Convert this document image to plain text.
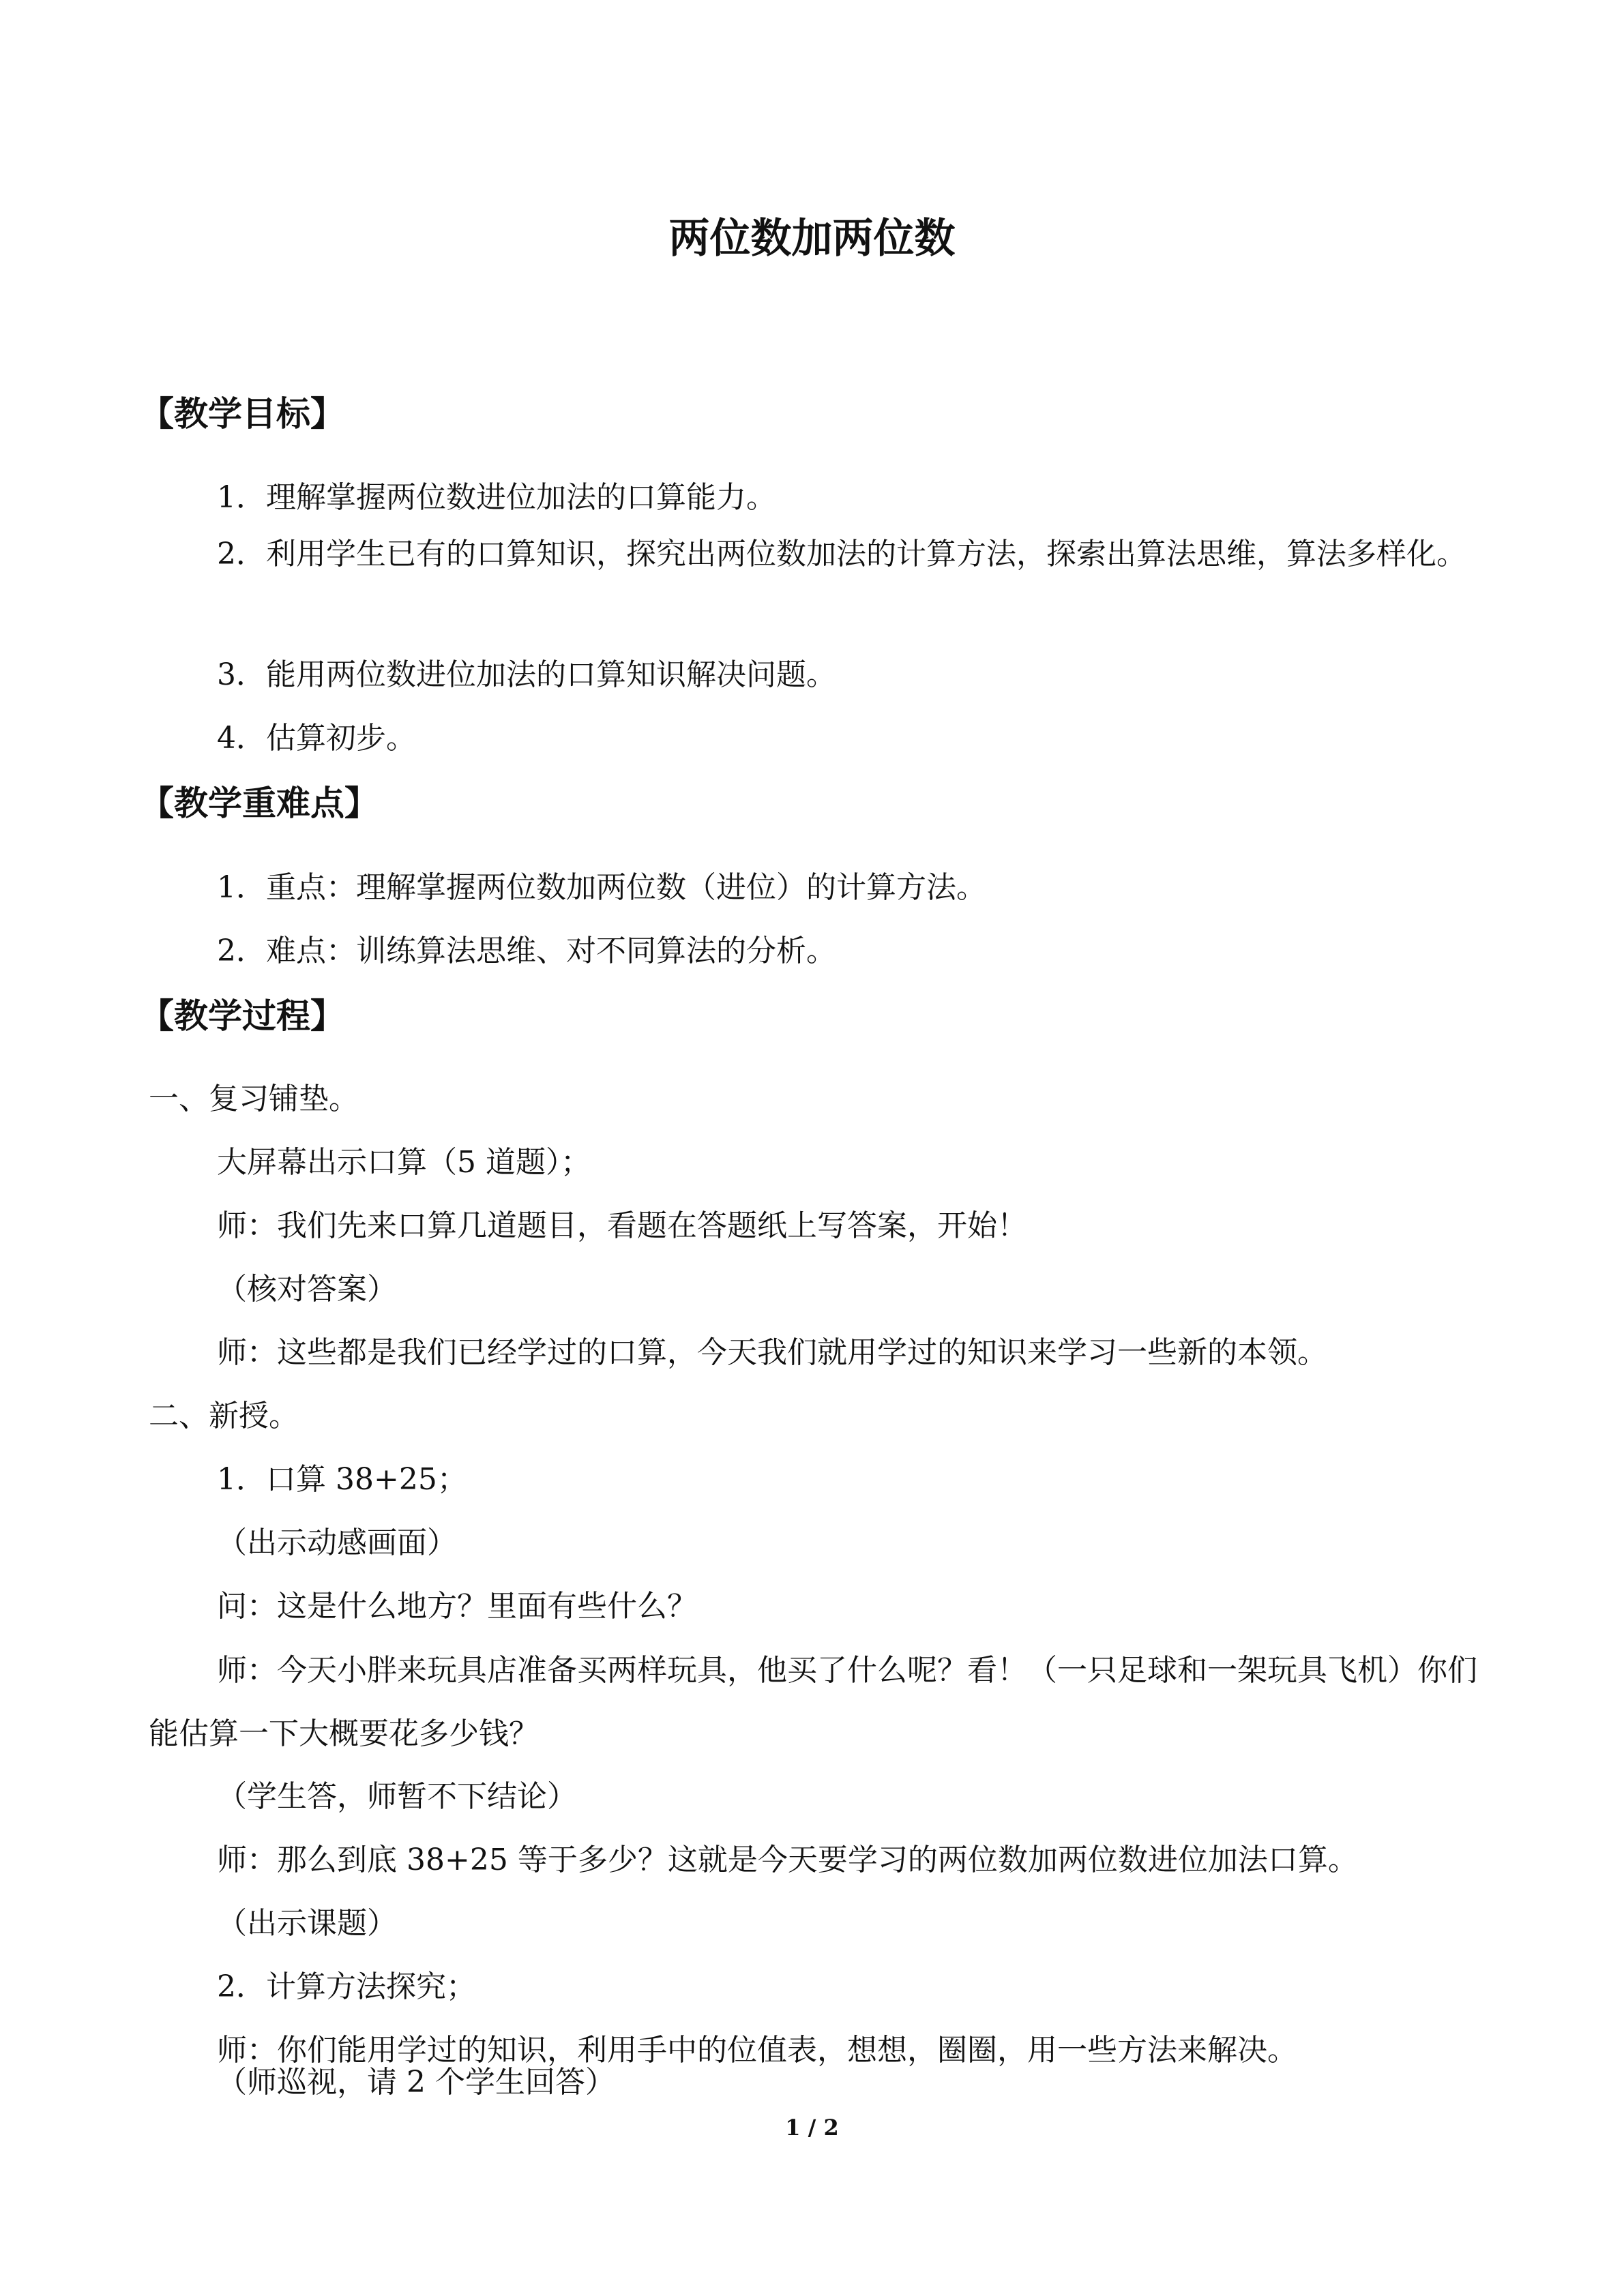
两位数加两位数
【教学目标】

1．理解掌握两位数进位加法的口算能力。

2．利用学生已有的口算知识，探究出两位数加法的计算方法，探索出算法思维，算法多样化。

3．能用两位数进位加法的口算知识解决问题。

4．估算初步。

【教学重难点】

1．重点：理解掌握两位数加两位数（进位）的计算方法。

2．难点：训练算法思维、对不同算法的分析。

【教学过程】

一、复习铺垫。

大屏幕出示口算（5 道题）；

师：我们先来口算几道题目，看题在答题纸上写答案，开始！

（核对答案）

师：这些都是我们已经学过的口算，今天我们就用学过的知识来学习一些新的本领。

二、新授。

1．口算 38+25；

（出示动感画面）

问：这是什么地方？里面有些什么？

师：今天小胖来玩具店准备买两样玩具，他买了什么呢？看！（一只足球和一架玩具飞机）你们能估算一下大概要花多少钱？

（学生答，师暂不下结论）

师：那么到底 38+25 等于多少？这就是今天要学习的两位数加两位数进位加法口算。

（出示课题）

2．计算方法探究；

师：你们能用学过的知识，利用手中的位值表，想想，圈圈，用一些方法来解决。

1 / 2

（师巡视，请 2 个学生回答）
